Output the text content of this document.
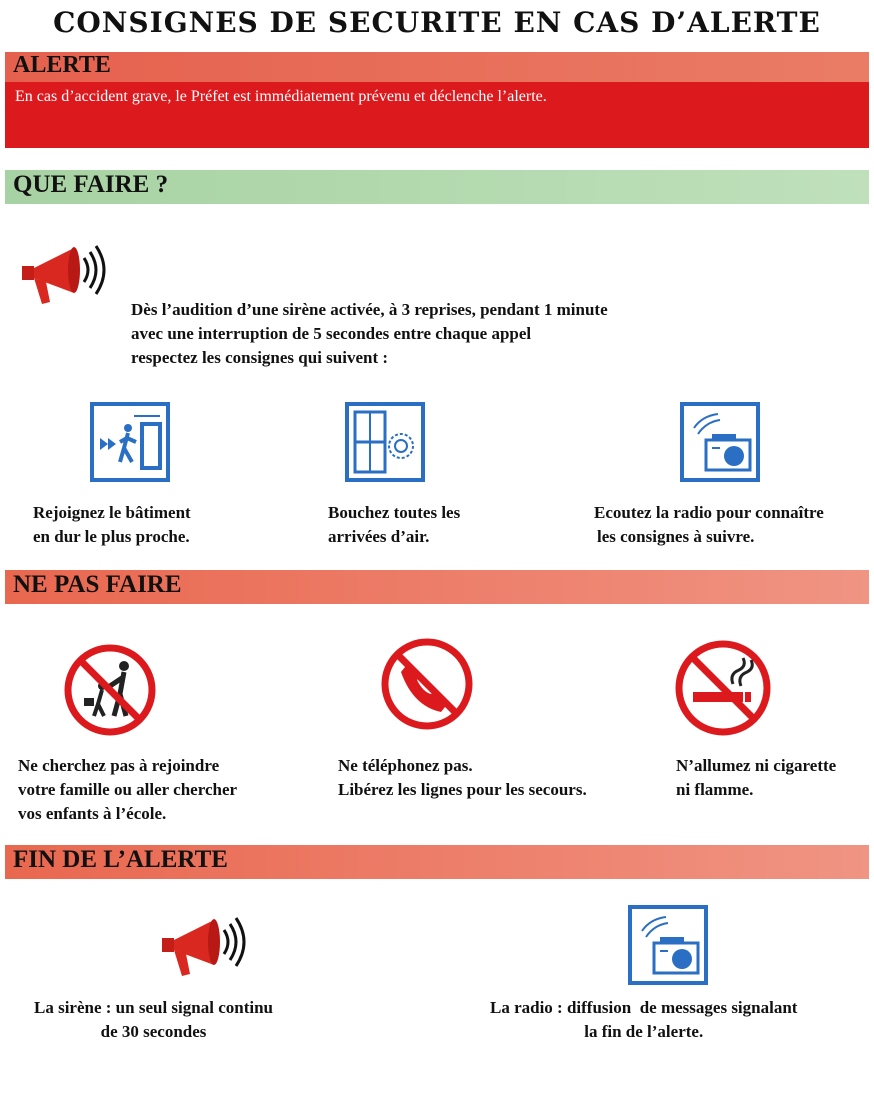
CONSIGNES DE SECURITE EN CAS D’ALERTE
ALERTE
En cas d’accident grave, le Préfet est immédiatement prévenu et déclenche l’alerte.
QUE FAIRE ?
Dès l’audition d’une sirène activée, à 3 reprises, pendant 1 minute
avec une interruption de 5 secondes entre chaque appel
respectez les consignes qui suivent :
Rejoignez le bâtiment
en dur le plus proche.
Bouchez toutes les
arrivées d’air.
Ecoutez la radio pour connaître
les consignes à suivre.
NE PAS FAIRE
Ne cherchez pas à rejoindre
votre famille ou aller chercher
vos enfants à l’école.
Ne téléphonez pas.
Libérez les lignes pour les secours.
N’allumez ni cigarette
ni flamme.
FIN DE L’ALERTE
La sirène : un seul signal continu
de 30 secondes
La radio : diffusion  de messages signalant
la fin de l’alerte.
